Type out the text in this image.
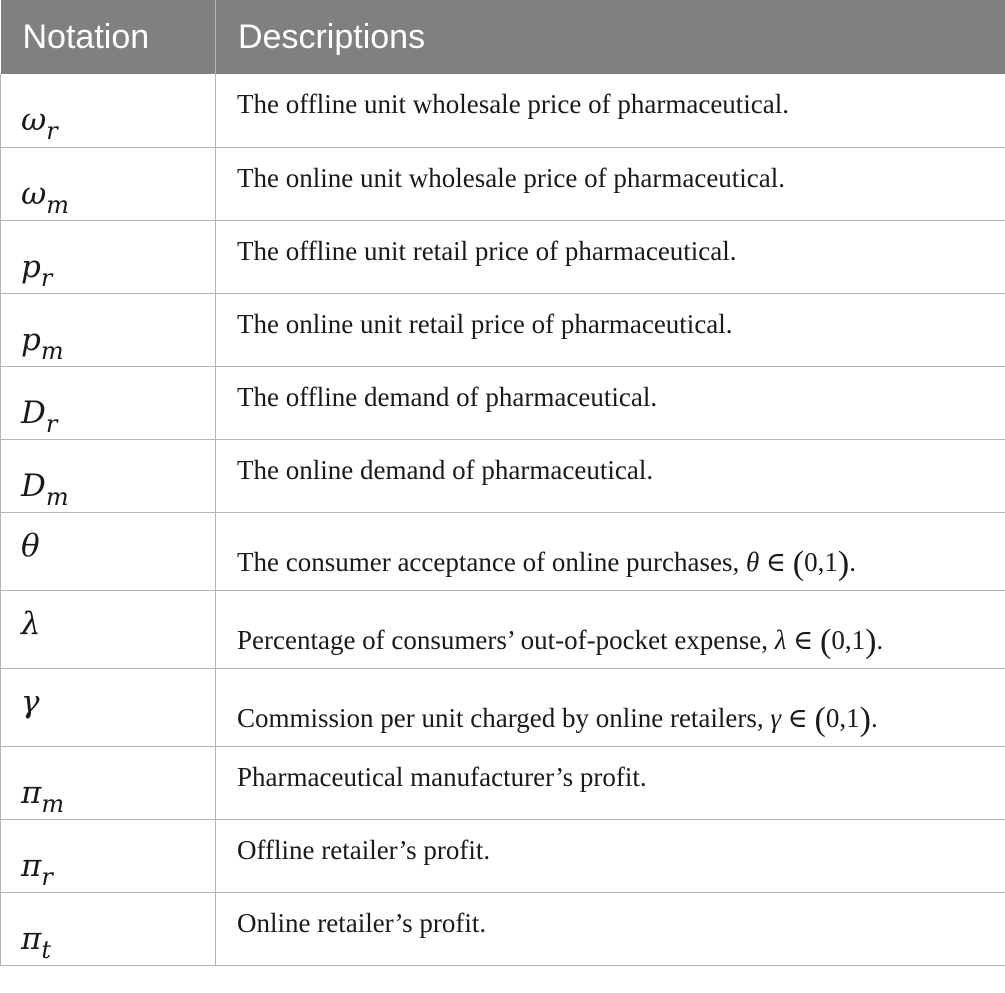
Notation	Descriptions

$\omega_r$	The offline unit wholesale price of pharmaceutical.

$\omega_m$	The online unit wholesale price of pharmaceutical.

$p_r$	The offline unit retail price of pharmaceutical.

$p_m$	The online unit retail price of pharmaceutical.

$D_r$	The offline demand of pharmaceutical.

$D_m$	The online demand of pharmaceutical.

θ	The consumer acceptance of online purchases, θ ∈ (0,1).

λ	Percentage of consumers’ out-of-pocket expense, λ ∈ (0,1).

γ	Commission per unit charged by online retailers, γ ∈ (0,1).

$\pi_m$	Pharmaceutical manufacturer’s profit.

$\pi_r$	Offline retailer’s profit.

$\pi_t$	Online retailer’s profit.
